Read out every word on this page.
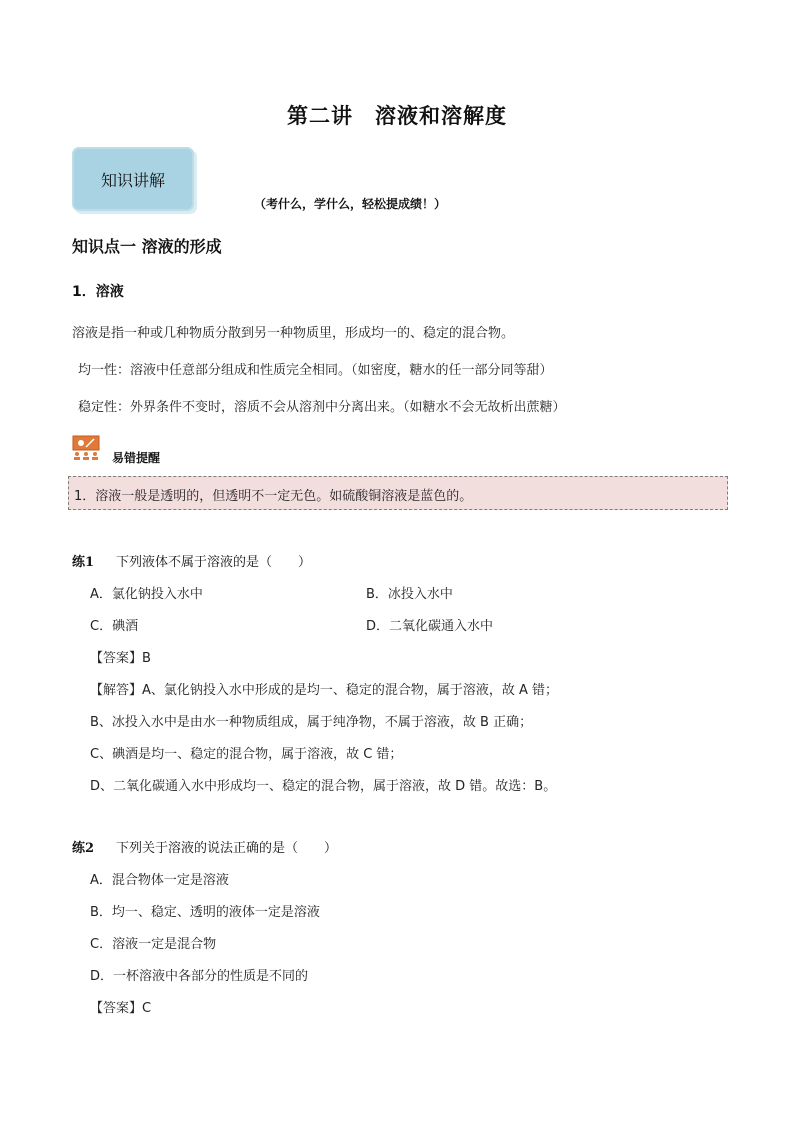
第二讲　溶液和溶解度
知识讲解
（考什么，学什么，轻松提成绩！）
知识点一 溶液的形成
1．溶液
溶液是指一种或几种物质分散到另一种物质里，形成均一的、稳定的混合物。
均一性：溶液中任意部分组成和性质完全相同。（如密度，糖水的任一部分同等甜）
稳定性：外界条件不变时，溶质不会从溶剂中分离出来。（如糖水不会无故析出蔗糖）
易错提醒
1．溶液一般是透明的，但透明不一定无色。如硫酸铜溶液是蓝色的。
练1 下列液体不属于溶液的是（　　）
A．氯化钠投入水中	B．冰投入水中
C．碘酒	D．二氧化碳通入水中
【答案】B
【解答】A、氯化钠投入水中形成的是均一、稳定的混合物，属于溶液，故 A 错；
B、冰投入水中是由水一种物质组成，属于纯净物，不属于溶液，故 B 正确；
C、碘酒是均一、稳定的混合物，属于溶液，故 C 错；
D、二氧化碳通入水中形成均一、稳定的混合物，属于溶液，故 D 错。故选：B。
练2 下列关于溶液的说法正确的是（　　）
A．混合物体一定是溶液
B．均一、稳定、透明的液体一定是溶液
C．溶液一定是混合物
D．一杯溶液中各部分的性质是不同的
【答案】C
